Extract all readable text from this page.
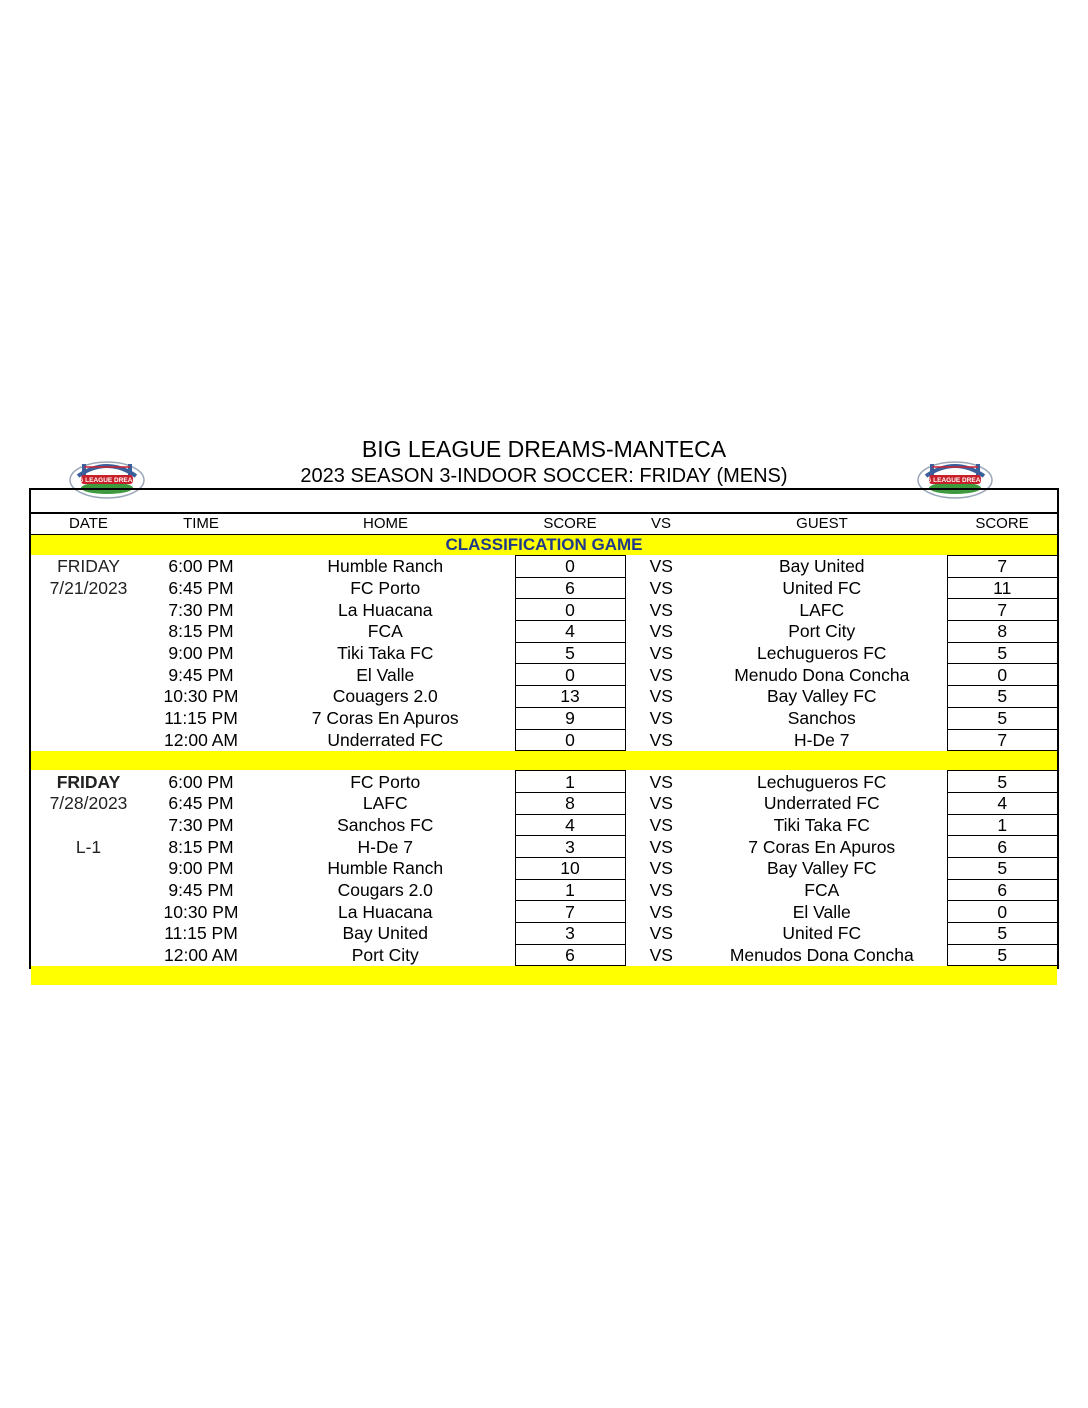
BIG LEAGUE DREAMS-MANTECA
2023 SEASON 3-INDOOR SOCCER: FRIDAY (MENS)
BIG LEAGUE DREAMS	BIG LEAGUE DREAMS
DATE	TIME	HOME	SCORE	VS	GUEST	SCORE
CLASSIFICATION GAME						
FRIDAY	6:00 PM	Humble Ranch	0	VS	Bay United	7
7/21/2023	6:45 PM	FC Porto	6	VS	United FC	11
	7:30 PM	La Huacana	0	VS	LAFC	7
	8:15 PM	FCA	4	VS	Port City	8
	9:00 PM	Tiki Taka FC	5	VS	Lechugueros FC	5
	9:45 PM	El Valle	0	VS	Menudo Dona Concha	0
	10:30 PM	Couagers 2.0	13	VS	Bay Valley FC	5
	11:15 PM	7 Coras En Apuros	9	VS	Sanchos	5
	12:00 AM	Underrated FC	0	VS	H-De 7	7

FRIDAY	6:00 PM	FC Porto	1	VS	Lechugueros FC	5
7/28/2023	6:45 PM	LAFC	8	VS	Underrated FC	4
	7:30 PM	Sanchos FC	4	VS	Tiki Taka FC	1
L-1	8:15 PM	H-De 7	3	VS	7 Coras En Apuros	6
	9:00 PM	Humble Ranch	10	VS	Bay Valley FC	5
	9:45 PM	Cougars 2.0	1	VS	FCA	6
	10:30 PM	La Huacana	7	VS	El Valle	0
	11:15 PM	Bay United	3	VS	United FC	5
	12:00 AM	Port City	6	VS	Menudos Dona Concha	5
